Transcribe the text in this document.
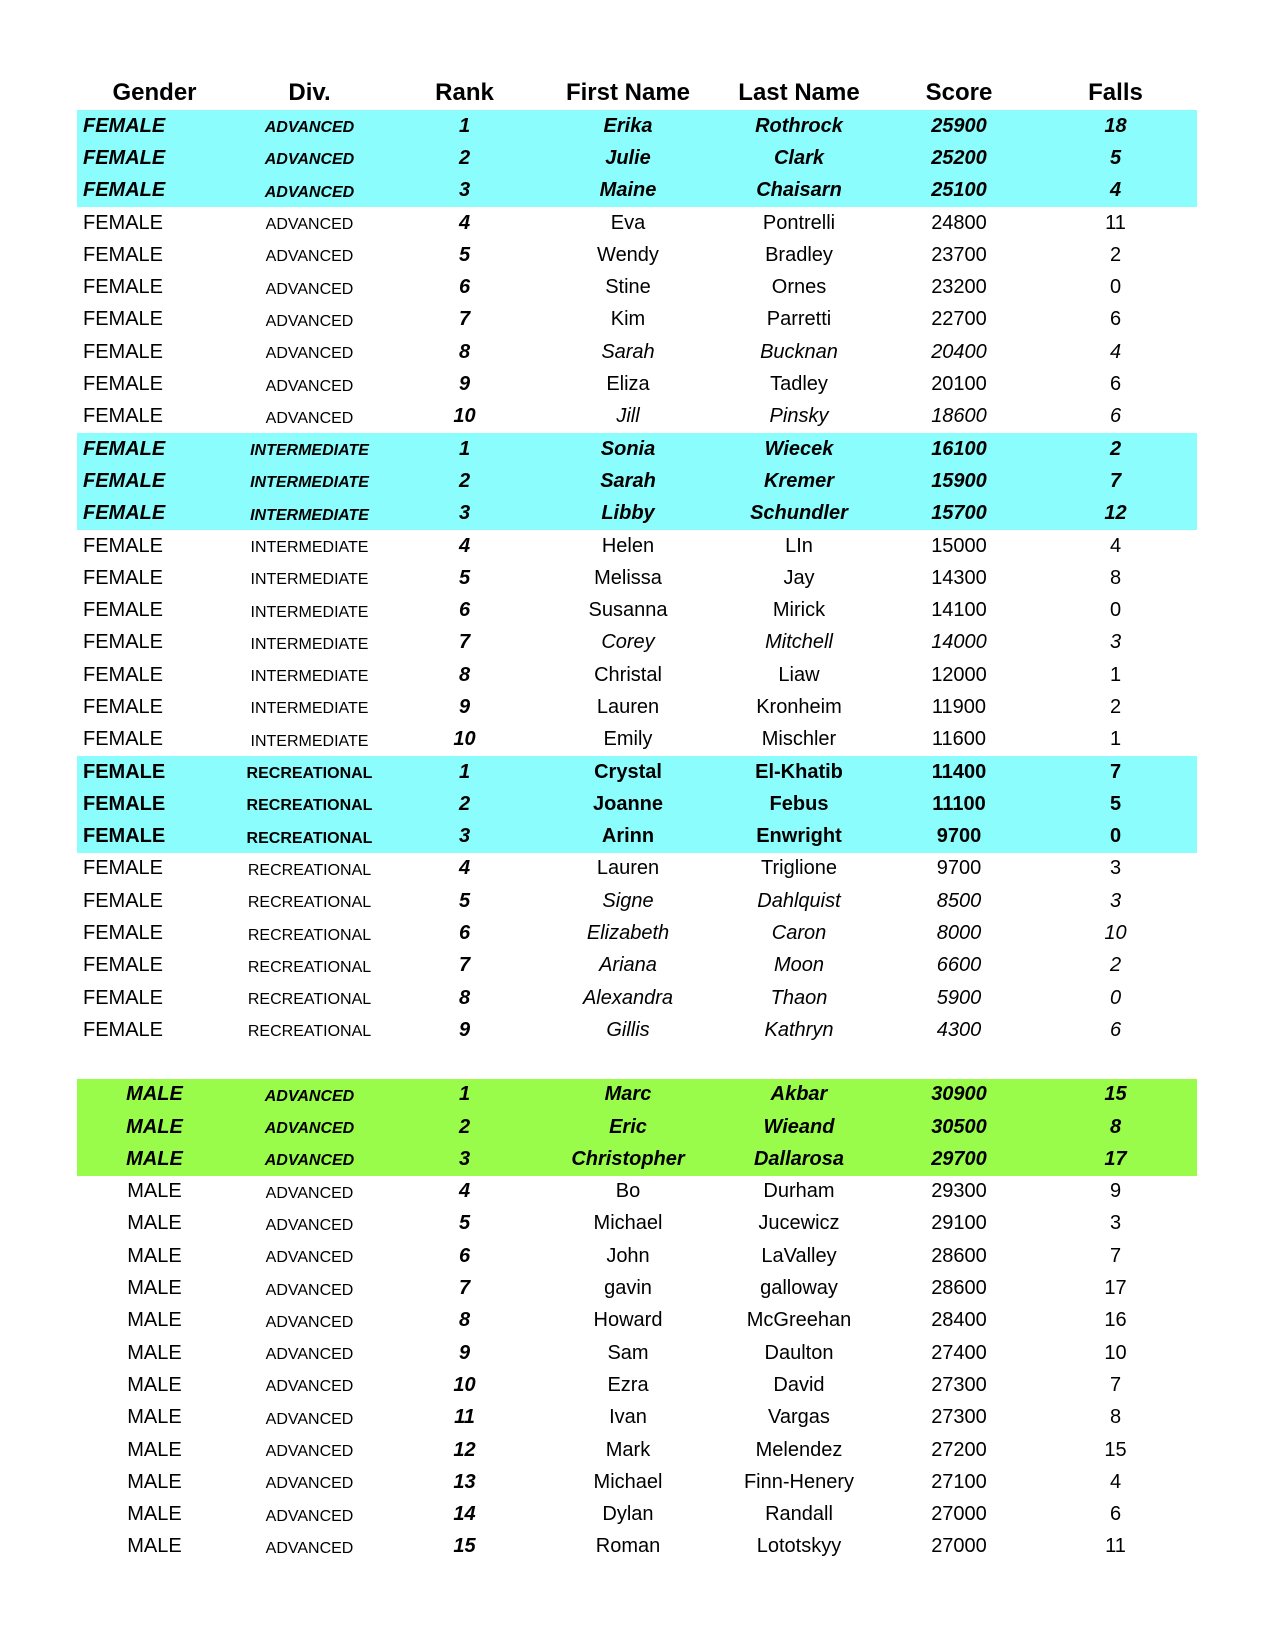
Gender	Div.	Rank	First Name	Last Name	Score	Falls
FEMALE	ADVANCED	1	Erika	Rothrock	25900	18
FEMALE	ADVANCED	2	Julie	Clark	25200	5
FEMALE	ADVANCED	3	Maine	Chaisarn	25100	4
FEMALE	ADVANCED	4	Eva	Pontrelli	24800	11
FEMALE	ADVANCED	5	Wendy	Bradley	23700	2
FEMALE	ADVANCED	6	Stine	Ornes	23200	0
FEMALE	ADVANCED	7	Kim	Parretti	22700	6
FEMALE	ADVANCED	8	Sarah	Bucknan	20400	4
FEMALE	ADVANCED	9	Eliza	Tadley	20100	6
FEMALE	ADVANCED	10	Jill	Pinsky	18600	6
FEMALE	INTERMEDIATE	1	Sonia	Wiecek	16100	2
FEMALE	INTERMEDIATE	2	Sarah	Kremer	15900	7
FEMALE	INTERMEDIATE	3	Libby	Schundler	15700	12
FEMALE	INTERMEDIATE	4	Helen	LIn	15000	4
FEMALE	INTERMEDIATE	5	Melissa	Jay	14300	8
FEMALE	INTERMEDIATE	6	Susanna	Mirick	14100	0
FEMALE	INTERMEDIATE	7	Corey	Mitchell	14000	3
FEMALE	INTERMEDIATE	8	Christal	Liaw	12000	1
FEMALE	INTERMEDIATE	9	Lauren	Kronheim	11900	2
FEMALE	INTERMEDIATE	10	Emily	Mischler	11600	1
FEMALE	RECREATIONAL	1	Crystal	El-Khatib	11400	7
FEMALE	RECREATIONAL	2	Joanne	Febus	11100	5
FEMALE	RECREATIONAL	3	Arinn	Enwright	9700	0
FEMALE	RECREATIONAL	4	Lauren	Triglione	9700	3
FEMALE	RECREATIONAL	5	Signe	Dahlquist	8500	3
FEMALE	RECREATIONAL	6	Elizabeth	Caron	8000	10
FEMALE	RECREATIONAL	7	Ariana	Moon	6600	2
FEMALE	RECREATIONAL	8	Alexandra	Thaon	5900	0
FEMALE	RECREATIONAL	9	Gillis	Kathryn	4300	6
MALE	ADVANCED	1	Marc	Akbar	30900	15
MALE	ADVANCED	2	Eric	Wieand	30500	8
MALE	ADVANCED	3	Christopher	Dallarosa	29700	17
MALE	ADVANCED	4	Bo	Durham	29300	9
MALE	ADVANCED	5	Michael	Jucewicz	29100	3
MALE	ADVANCED	6	John	LaValley	28600	7
MALE	ADVANCED	7	gavin	galloway	28600	17
MALE	ADVANCED	8	Howard	McGreehan	28400	16
MALE	ADVANCED	9	Sam	Daulton	27400	10
MALE	ADVANCED	10	Ezra	David	27300	7
MALE	ADVANCED	11	Ivan	Vargas	27300	8
MALE	ADVANCED	12	Mark	Melendez	27200	15
MALE	ADVANCED	13	Michael	Finn-Henery	27100	4
MALE	ADVANCED	14	Dylan	Randall	27000	6
MALE	ADVANCED	15	Roman	Lototskyy	27000	11
